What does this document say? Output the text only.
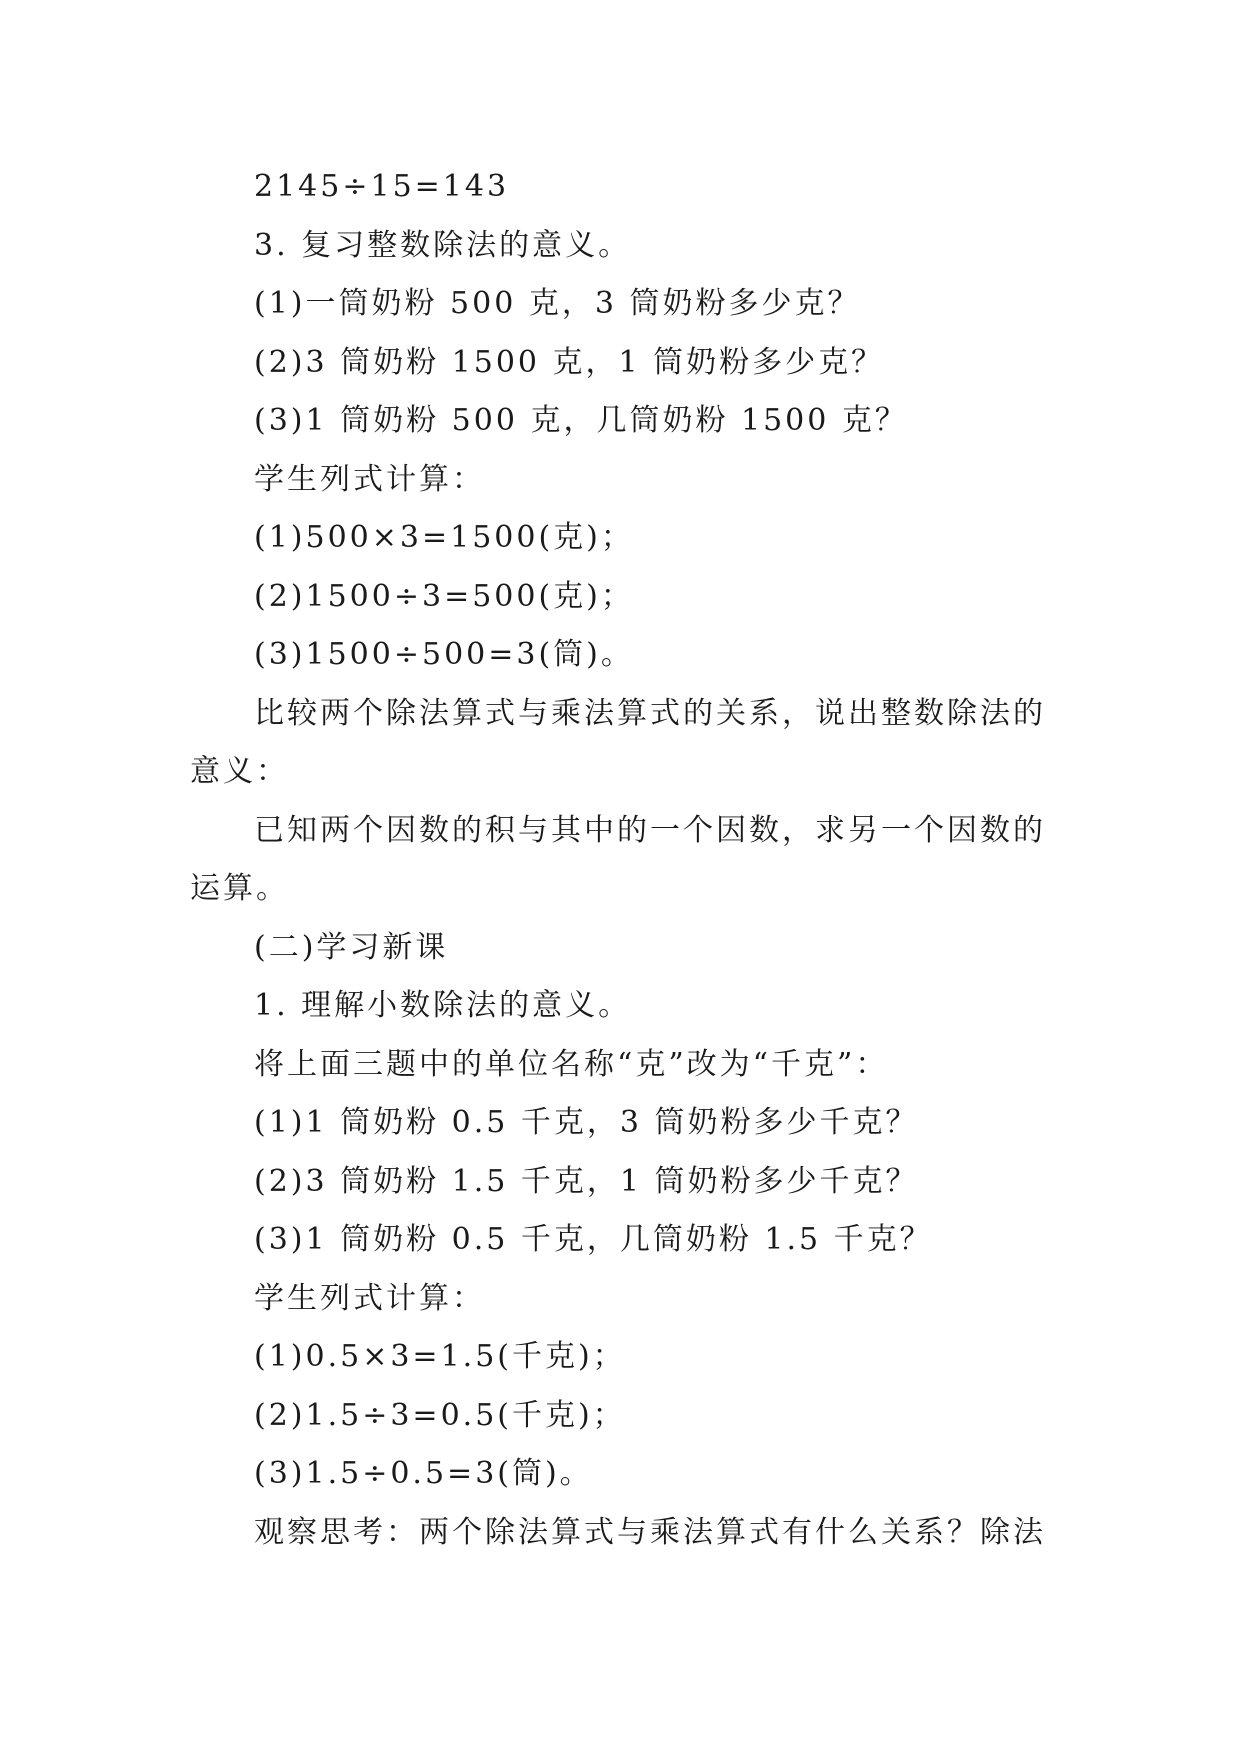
2145÷15=143

3. 复习整数除法的意义。

(1)一筒奶粉 500 克，3 筒奶粉多少克？

(2)3 筒奶粉 1500 克，1 筒奶粉多少克？

(3)1 筒奶粉 500 克，几筒奶粉 1500 克？

学生列式计算：

(1)500×3=1500(克)；

(2)1500÷3=500(克)；

(3)1500÷500=3(筒)。

比较两个除法算式与乘法算式的关系，说出整数除法的意义：

已知两个因数的积与其中的一个因数，求另一个因数的运算。

(二)学习新课

1. 理解小数除法的意义。

将上面三题中的单位名称“克”改为“千克”：

(1)1 筒奶粉 0.5 千克，3 筒奶粉多少千克？

(2)3 筒奶粉 1.5 千克，1 筒奶粉多少千克？

(3)1 筒奶粉 0.5 千克，几筒奶粉 1.5 千克？

学生列式计算：

(1)0.5×3=1.5(千克)；

(2)1.5÷3=0.5(千克)；

(3)1.5÷0.5=3(筒)。

观察思考：两个除法算式与乘法算式有什么关系？除法
